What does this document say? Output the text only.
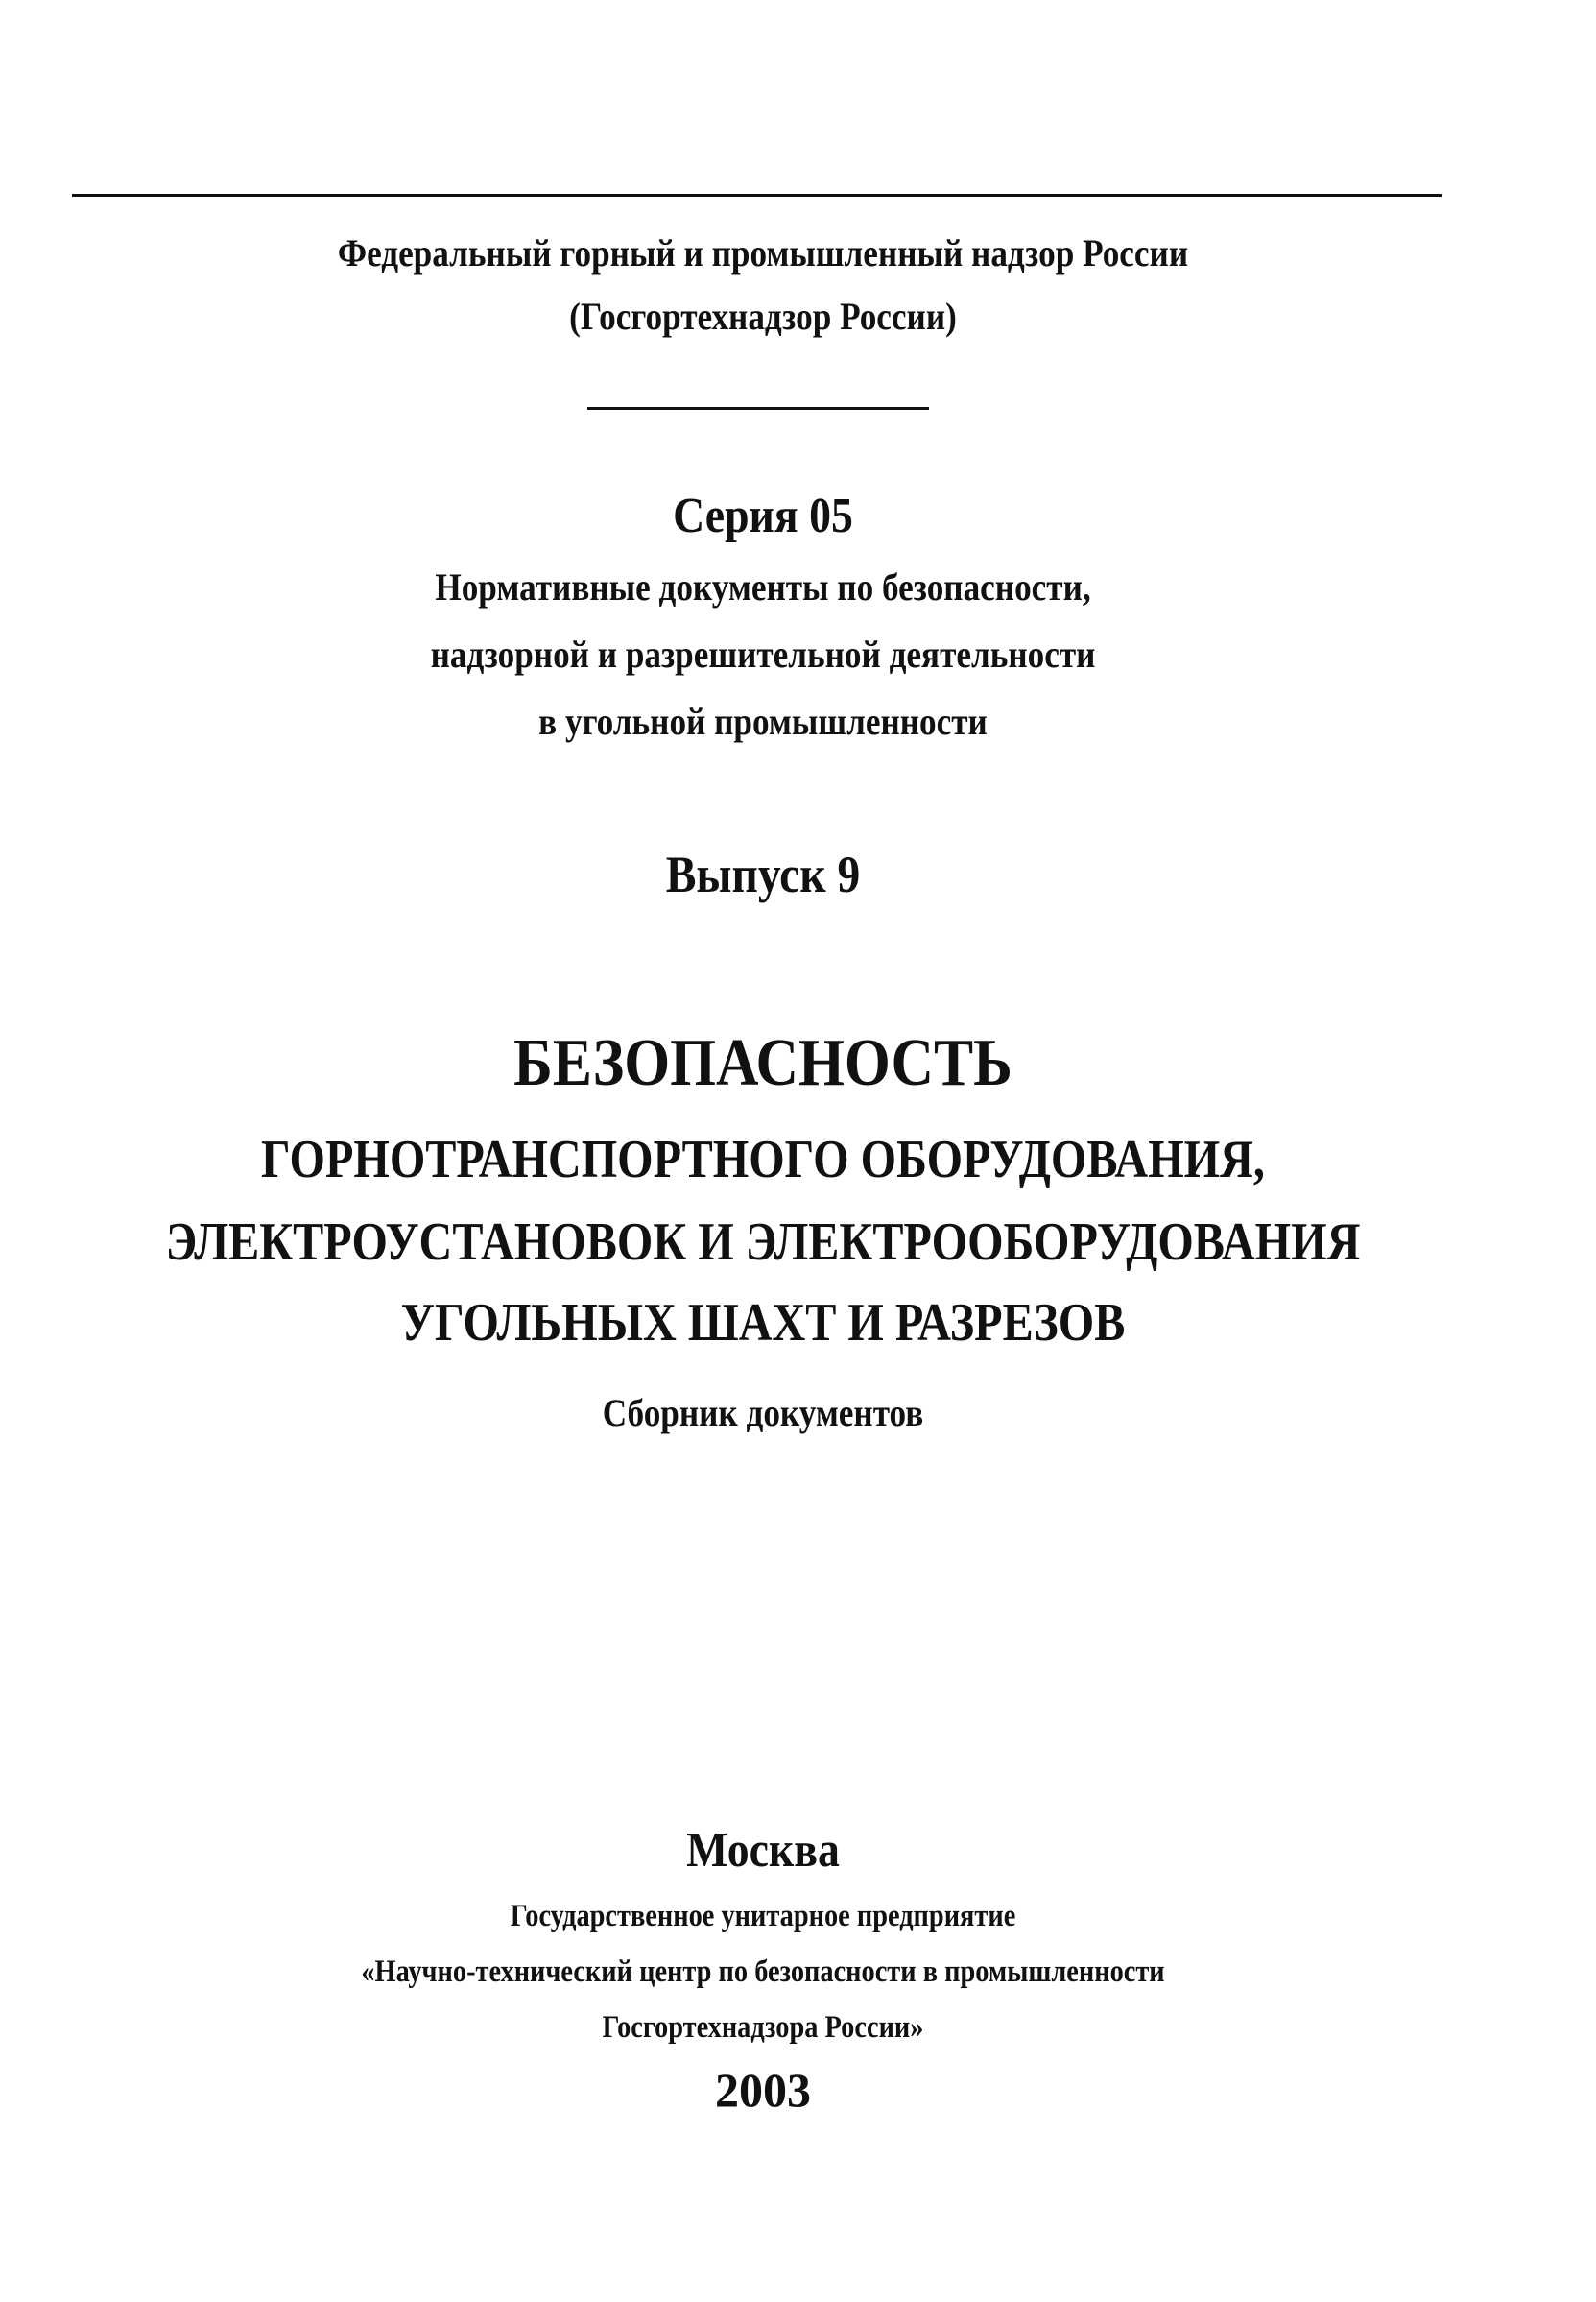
Федеральный горный и промышленный надзор России
(Госгортехнадзор России)
Серия 05
Нормативные документы по безопасности,
надзорной и разрешительной деятельности
в угольной промышленности
Выпуск 9
БЕЗОПАСНОСТЬ
ГОРНОТРАНСПОРТНОГО ОБОРУДОВАНИЯ,
ЭЛЕКТРОУСТАНОВОК И ЭЛЕКТРООБОРУДОВАНИЯ
УГОЛЬНЫХ ШАХТ И РАЗРЕЗОВ
Сборник документов
Москва
Государственное унитарное предприятие
«Научно-технический центр по безопасности в промышленности
Госгортехнадзора России»
2003
